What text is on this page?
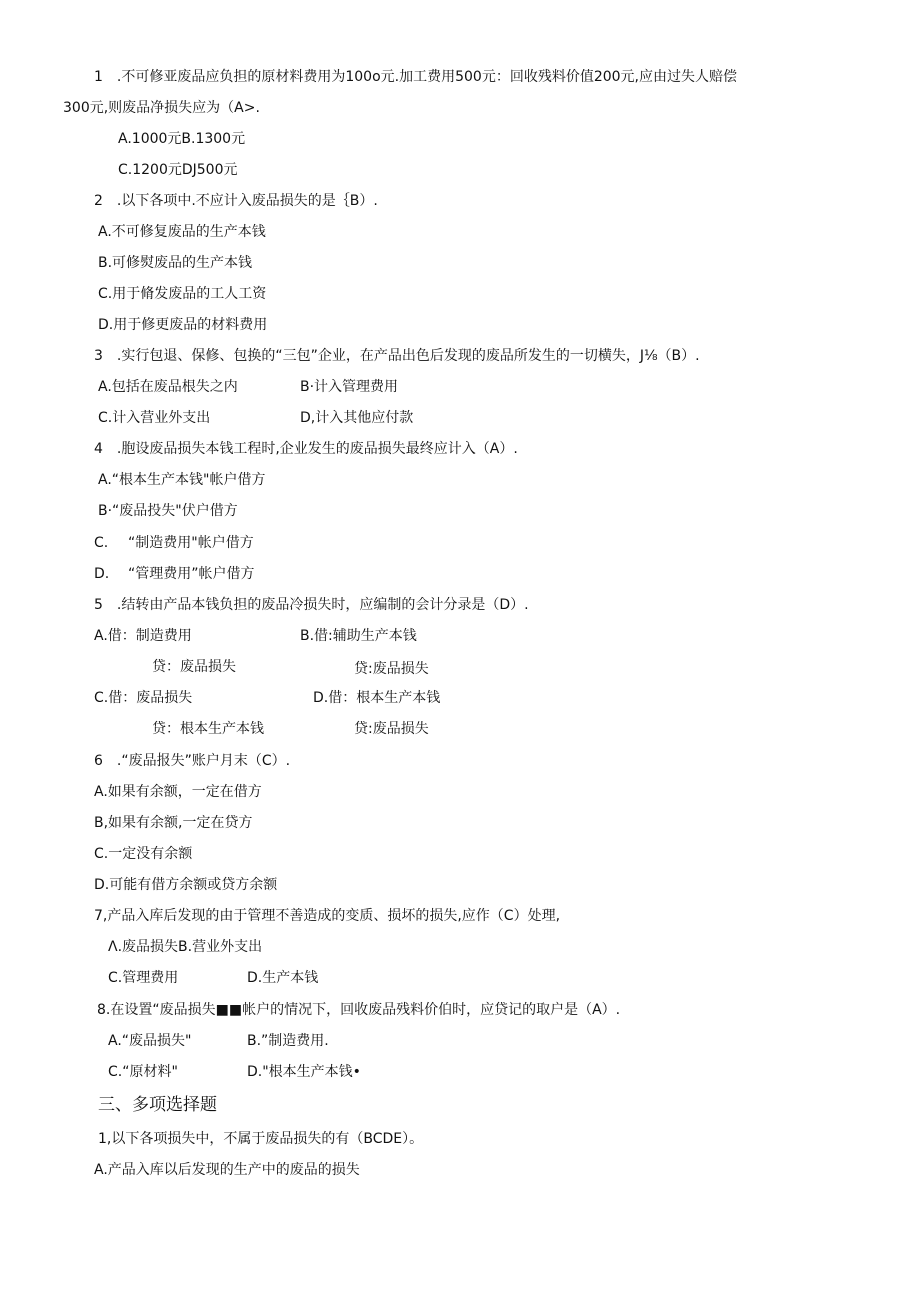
1　.不可修亚废品应负担的原材料费用为100o元.加工费用500元：回收残料价值200元,应由过失人赔偿
300元,则废品净损失应为（A>.
A.1000元B.1300元
C.1200元DJ500元
2　.以下各项中.不应计入废品损失的是｛B）.
A.不可修复废品的生产本钱
B.可修熨废品的生产本钱
C.用于脩发废品的工人工资
D.用于修更废品的材料费用
3　.实行包退、保修、包换的“三包”企业，在产品出色后发现的废品所发生的一切横失，J⅛（B）.
A.包括在废品根失之内	B·计入管理费用
C.计入营业外支出	D,计入其他应付款
4　.胞设废品损失本钱工程时,企业发生的废品损失最终应计入（A）.
A.“根本生产本钱"帐户借方
B·“废品投失"伏户借方
C. “制造费用"帐户借方
D. “管理费用”帐户借方
5　.结转由产品本钱负担的废品冷损失时，应编制的会计分录是（D）.
A.借：制造费用	B.借:辅助生产本钱
贷：废品损失	贷:废品损失
C.借：废品损失	D.借：根本生产本钱
贷：根本生产本钱	贷:废品损失
6　.“废品报失”账户月末（C）.
A.如果有余额，一定在借方
B,如果有余额,一定在贷方
C.一定没有余额
D.可能有借方余额或贷方余额
7,产品入库后发现的由于管理不善造成的变质、损坏的损失,应作（C）处理,
Λ.废品损失B.营业外支出
C.管理费用	D.生产本钱
8.在设置“废品损失■■帐户的情况下，回收废品残料价伯时，应贷记的取户是（A）.
A.“废品损失"	B.”制造费用.
C.“原材料"	D."根本生产本钱•
三、多项选择题
1,以下各项损失中，不属于废品损失的有（BCDE）。
A.产品入库以后发现的生产中的废品的损失
